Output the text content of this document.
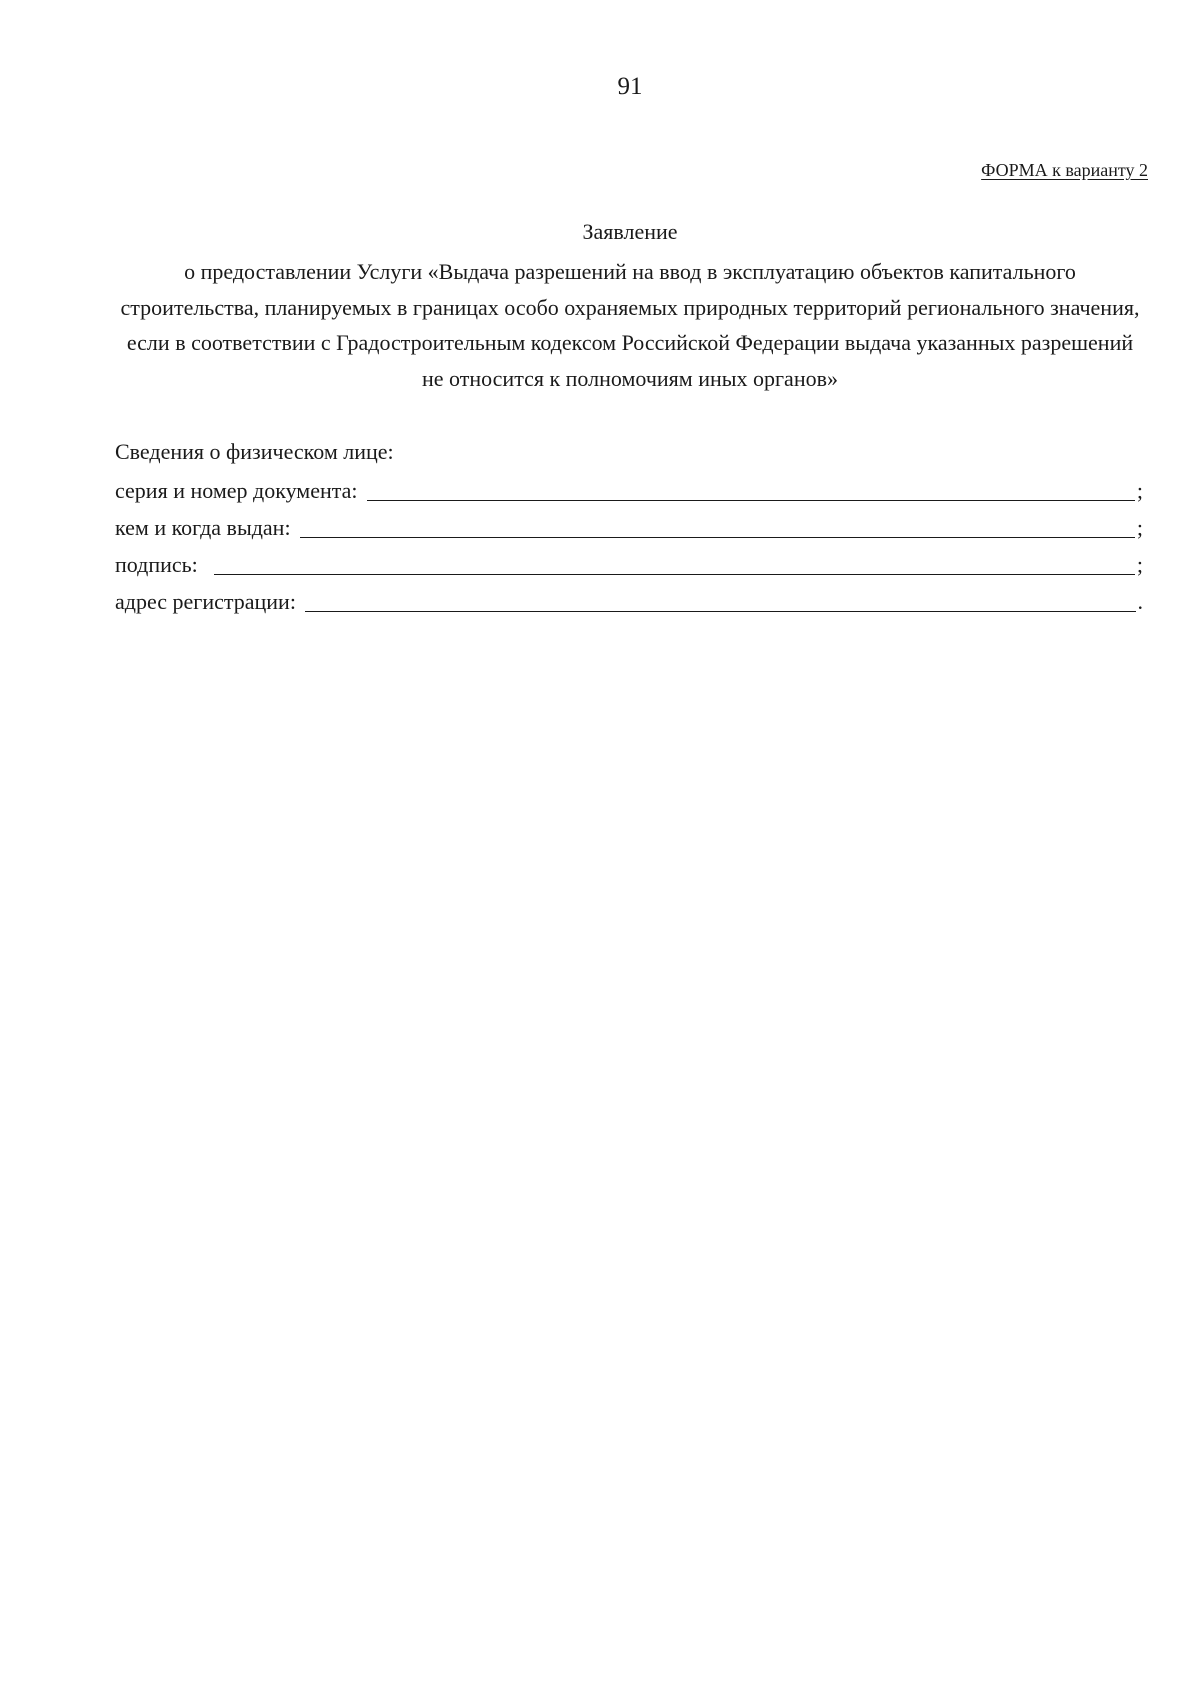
91
ФОРМА к варианту 2
Заявление
о предоставлении Услуги «Выдача разрешений на ввод в эксплуатацию объектов капитального строительства, планируемых в границах особо охраняемых природных территорий регионального значения, если в соответствии с Градостроительным кодексом Российской Федерации выдача указанных разрешений не относится к полномочиям иных органов»
Сведения о физическом лице:
серия и номер документа:	;
кем и когда выдан:	;
подпись:	;
адрес регистрации:	.
